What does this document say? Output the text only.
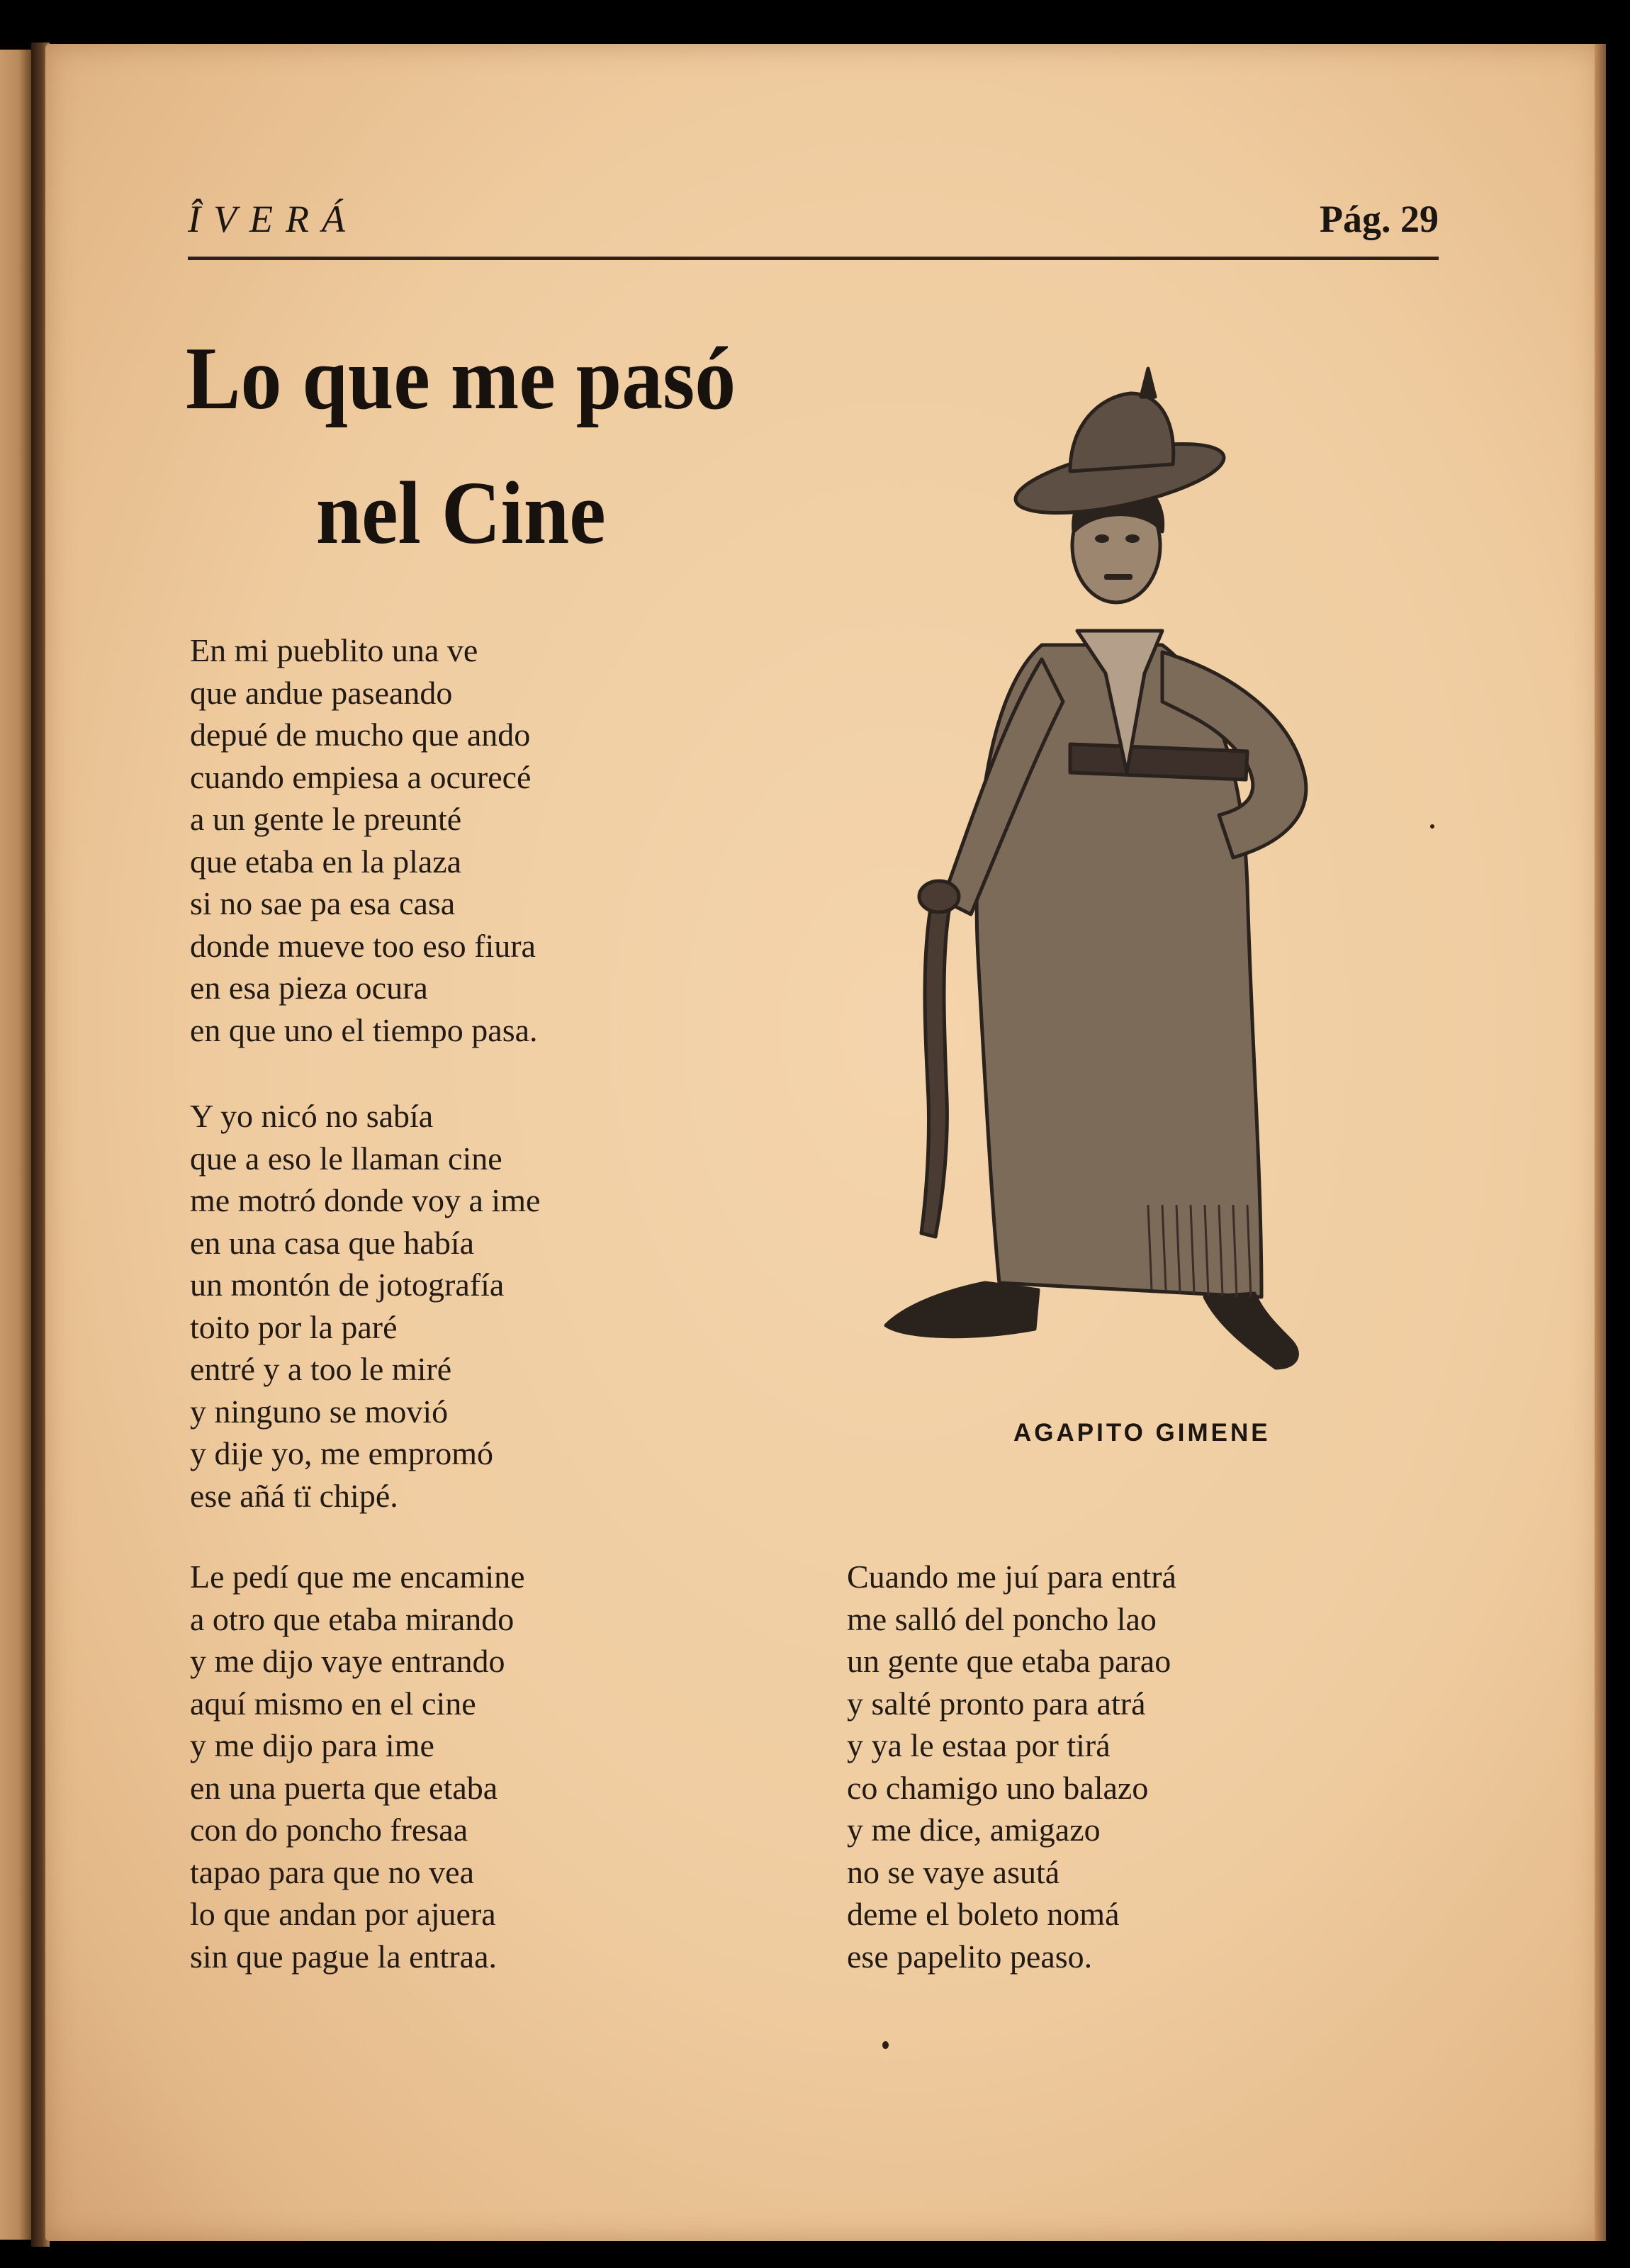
ÎVERÁ	Pág. 29
Lo que me pasó
nel Cine
En mi pueblito una ve
que andue paseando
depué de mucho que ando
cuando empiesa a ocurecé
a un gente le preunté
que etaba en la plaza
si no sae pa esa casa
donde mueve too eso fiura
en esa pieza ocura
en que uno el tiempo pasa.
Y yo nicó no sabía
que a eso le llaman cine
me motró donde voy a ime
en una casa que había
un montón de jotografía
toito por la paré
entré y a too le miré
y ninguno se movió
y dije yo, me empromó
ese añá tï chipé.
Le pedí que me encamine
a otro que etaba mirando
y me dijo vaye entrando
aquí mismo en el cine
y me dijo para ime
en una puerta que etaba
con do poncho fresaa
tapao para que no vea
lo que andan por ajuera
sin que pague la entraa.
Cuando me juí para entrá
me salló del poncho lao
un gente que etaba parao
y salté pronto para atrá
y ya le estaa por tirá
co chamigo uno balazo
y me dice, amigazo
no se vaye asutá
deme el boleto nomá
ese papelito peaso.
AGAPITO GIMENE
